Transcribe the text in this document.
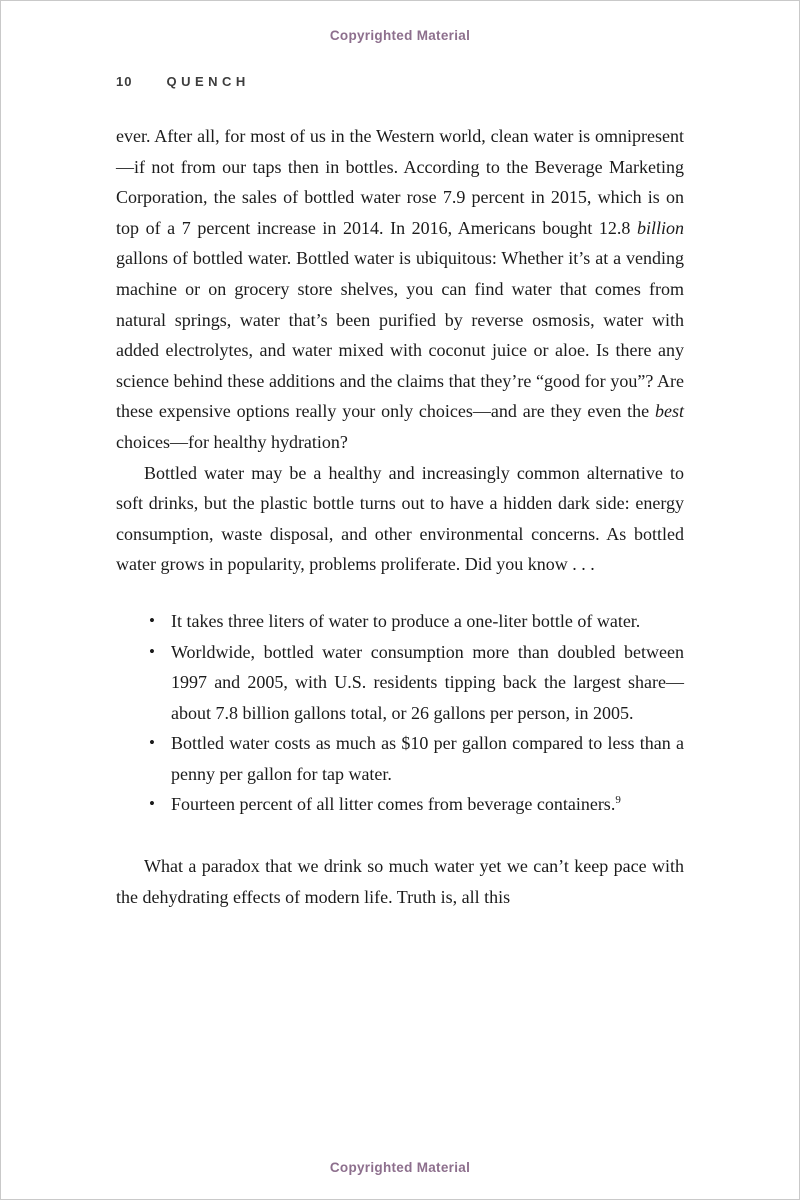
Copyrighted Material
10	QUENCH

ever. After all, for most of us in the Western world, clean water is omnipresent—if not from our taps then in bottles. According to the Beverage Marketing Corporation, the sales of bottled water rose 7.9 percent in 2015, which is on top of a 7 percent increase in 2014. In 2016, Americans bought 12.8 billion gallons of bottled water. Bottled water is ubiquitous: Whether it’s at a vending machine or on grocery store shelves, you can find water that comes from natural springs, water that’s been purified by reverse osmosis, water with added electrolytes, and water mixed with coconut juice or aloe. Is there any science behind these additions and the claims that they’re “good for you”? Are these expensive options really your only choices—and are they even the best choices—for healthy hydration?

Bottled water may be a healthy and increasingly common alternative to soft drinks, but the plastic bottle turns out to have a hidden dark side: energy consumption, waste disposal, and other environmental concerns. As bottled water grows in popularity, problems proliferate. Did you know . . .

• It takes three liters of water to produce a one-liter bottle of water.
• Worldwide, bottled water consumption more than doubled between 1997 and 2005, with U.S. residents tipping back the largest share—about 7.8 billion gallons total, or 26 gallons per person, in 2005.
• Bottled water costs as much as $10 per gallon compared to less than a penny per gallon for tap water.
• Fourteen percent of all litter comes from beverage containers.$^9$

What a paradox that we drink so much water yet we can’t keep pace with the dehydrating effects of modern life. Truth is, all this

Copyrighted Material
